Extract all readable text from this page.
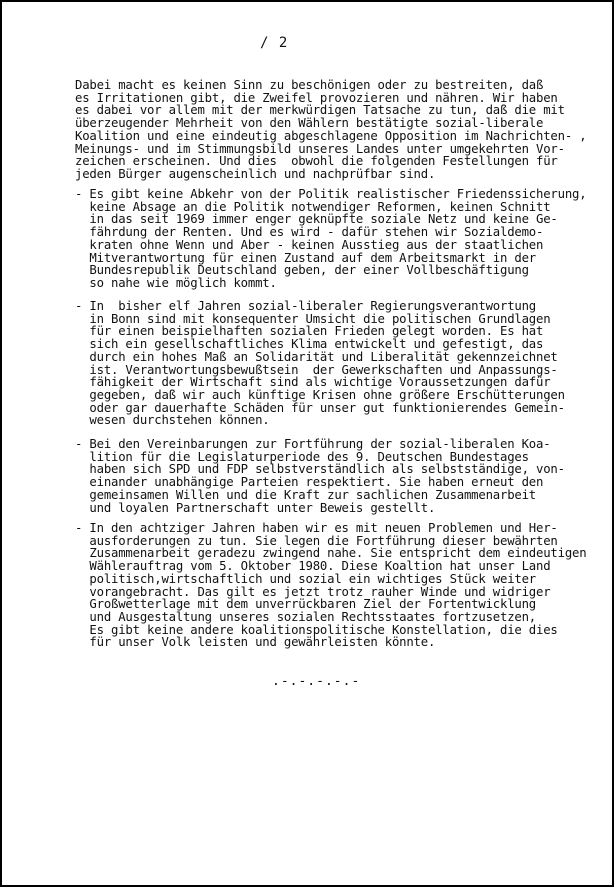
/ 2
Dabei macht es keinen Sinn zu beschönigen oder zu bestreiten, daß
es Irritationen gibt, die Zweifel provozieren und nähren. Wir haben
es dabei vor allem mit der merkwürdigen Tatsache zu tun, daß die mit
überzeugender Mehrheit von den Wählern bestätigte sozial-liberale
Koalition und eine eindeutig abgeschlagene Opposition im Nachrichten- ,
Meinungs- und im Stimmungsbild unseres Landes unter umgekehrten Vor-
zeichen erscheinen. Und dies  obwohl die folgenden Festellungen für
jeden Bürger augenscheinlich und nachprüfbar sind.
- Es gibt keine Abkehr von der Politik realistischer Friedenssicherung,
keine Absage an die Politik notwendiger Reformen, keinen Schnitt
in das seit 1969 immer enger geknüpfte soziale Netz und keine Ge-
fährdung der Renten. Und es wird - dafür stehen wir Sozialdemo-
kraten ohne Wenn und Aber - keinen Ausstieg aus der staatlichen
Mitverantwortung für einen Zustand auf dem Arbeitsmarkt in der
Bundesrepublik Deutschland geben, der einer Vollbeschäftigung
so nahe wie möglich kommt.
- In  bisher elf Jahren sozial-liberaler Regierungsverantwortung
in Bonn sind mit konsequenter Umsicht die politischen Grundlagen
für einen beispielhaften sozialen Frieden gelegt worden. Es hat
sich ein gesellschaftliches Klima entwickelt und gefestigt, das
durch ein hohes Maß an Solidarität und Liberalität gekennzeichnet
ist. Verantwortungsbewußtsein  der Gewerkschaften und Anpassungs-
fähigkeit der Wirtschaft sind als wichtige Voraussetzungen dafür
gegeben, daß wir auch künftige Krisen ohne größere Erschütterungen
oder gar dauerhafte Schäden für unser gut funktionierendes Gemein-
wesen durchstehen können.
- Bei den Vereinbarungen zur Fortführung der sozial-liberalen Koa-
lition für die Legislaturperiode des 9. Deutschen Bundestages
haben sich SPD und FDP selbstverständlich als selbstständige, von-
einander unabhängige Parteien respektiert. Sie haben erneut den
gemeinsamen Willen und die Kraft zur sachlichen Zusammenarbeit
und loyalen Partnerschaft unter Beweis gestellt.
- In den achtziger Jahren haben wir es mit neuen Problemen und Her-
ausforderungen zu tun. Sie legen die Fortführung dieser bewährten
Zusammenarbeit geradezu zwingend nahe. Sie entspricht dem eindeutigen
Wählerauftrag vom 5. Oktober 1980. Diese Koaltion hat unser Land
politisch,wirtschaftlich und sozial ein wichtiges Stück weiter
vorangebracht. Das gilt es jetzt trotz rauher Winde und widriger
Großwetterlage mit dem unverrückbaren Ziel der Fortentwicklung
und Ausgestaltung unseres sozialen Rechtsstaates fortzusetzen,
Es gibt keine andere koalitionspolitische Konstellation, die dies
für unser Volk leisten und gewährleisten könnte.
.-.-.-.-.-
